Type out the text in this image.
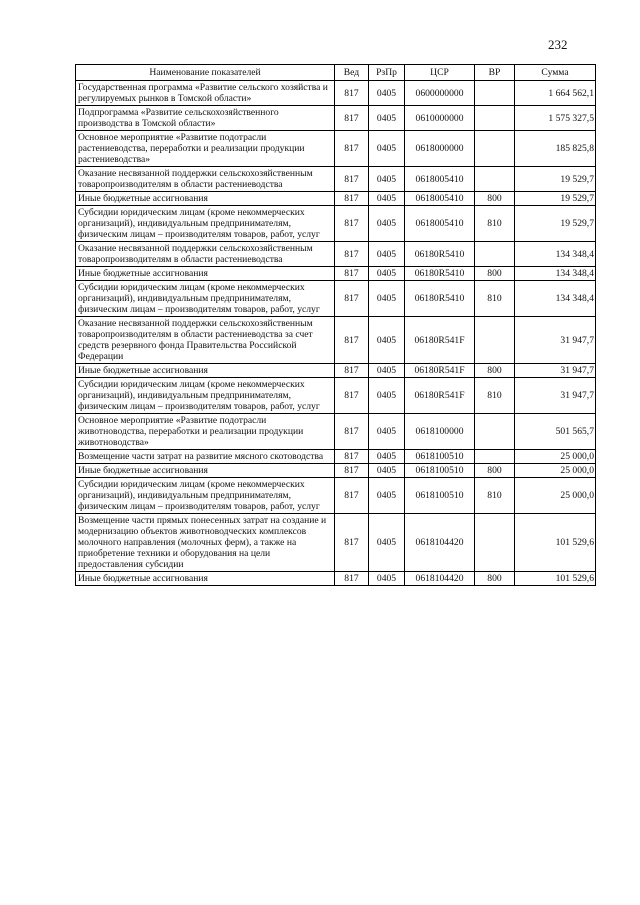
232
Наименование показателей	Вед	РзПр	ЦСР	ВР	Сумма
Государственная программа «Развитие сельского хозяйства и регулируемых рынков в Томской области»	817	0405	0600000000		1 664 562,1
Подпрограмма «Развитие сельскохозяйственного производства в Томской области»	817	0405	0610000000		1 575 327,5
Основное мероприятие «Развитие подотрасли растениеводства, переработки и реализации продукции растениеводства»	817	0405	0618000000		185 825,8
Оказание несвязанной поддержки сельскохозяйственным товаропроизводителям в области растениеводства	817	0405	0618005410		19 529,7
Иные бюджетные ассигнования	817	0405	0618005410	800	19 529,7
Субсидии юридическим лицам (кроме некоммерческих организаций), индивидуальным предпринимателям, физическим лицам – производителям товаров, работ, услуг	817	0405	0618005410	810	19 529,7
Оказание несвязанной поддержки сельскохозяйственным товаропроизводителям в области растениеводства	817	0405	06180R5410		134 348,4
Иные бюджетные ассигнования	817	0405	06180R5410	800	134 348,4
Субсидии юридическим лицам (кроме некоммерческих организаций), индивидуальным предпринимателям, физическим лицам – производителям товаров, работ, услуг	817	0405	06180R5410	810	134 348,4
Оказание несвязанной поддержки сельскохозяйственным товаропроизводителям в области растениеводства за счет средств резервного фонда Правительства Российской Федерации	817	0405	06180R541F		31 947,7
Иные бюджетные ассигнования	817	0405	06180R541F	800	31 947,7
Субсидии юридическим лицам (кроме некоммерческих организаций), индивидуальным предпринимателям, физическим лицам – производителям товаров, работ, услуг	817	0405	06180R541F	810	31 947,7
Основное мероприятие «Развитие подотрасли животноводства, переработки и реализации продукции животноводства»	817	0405	0618100000		501 565,7
Возмещение части затрат на развитие мясного скотоводства	817	0405	0618100510		25 000,0
Иные бюджетные ассигнования	817	0405	0618100510	800	25 000,0
Субсидии юридическим лицам (кроме некоммерческих организаций), индивидуальным предпринимателям, физическим лицам – производителям товаров, работ, услуг	817	0405	0618100510	810	25 000,0
Возмещение части прямых понесенных затрат на создание и модернизацию объектов животноводческих комплексов молочного направления (молочных ферм), а также на приобретение техники и оборудования на цели предоставления субсидии	817	0405	0618104420		101 529,6
Иные бюджетные ассигнования	817	0405	0618104420	800	101 529,6
